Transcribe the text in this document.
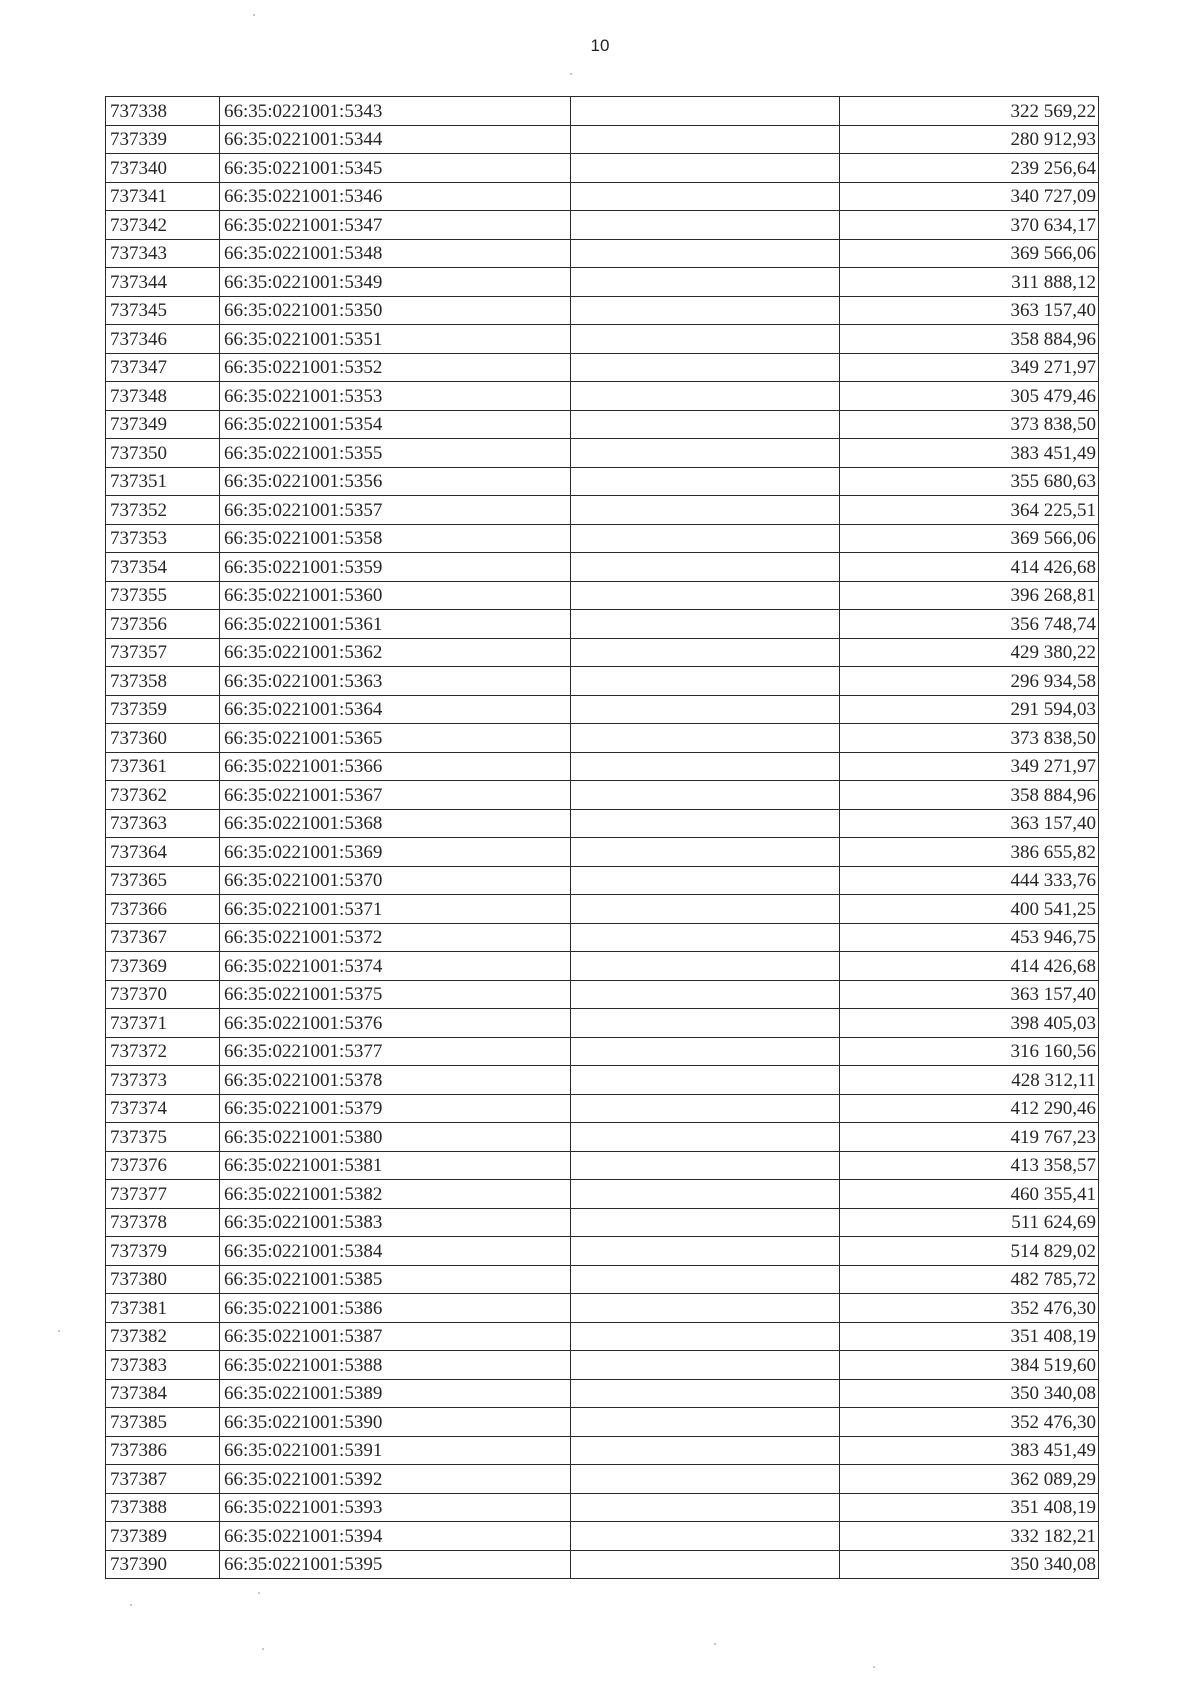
10
737338	66:35:0221001:5343		322 569,22
737339	66:35:0221001:5344		280 912,93
737340	66:35:0221001:5345		239 256,64
737341	66:35:0221001:5346		340 727,09
737342	66:35:0221001:5347		370 634,17
737343	66:35:0221001:5348		369 566,06
737344	66:35:0221001:5349		311 888,12
737345	66:35:0221001:5350		363 157,40
737346	66:35:0221001:5351		358 884,96
737347	66:35:0221001:5352		349 271,97
737348	66:35:0221001:5353		305 479,46
737349	66:35:0221001:5354		373 838,50
737350	66:35:0221001:5355		383 451,49
737351	66:35:0221001:5356		355 680,63
737352	66:35:0221001:5357		364 225,51
737353	66:35:0221001:5358		369 566,06
737354	66:35:0221001:5359		414 426,68
737355	66:35:0221001:5360		396 268,81
737356	66:35:0221001:5361		356 748,74
737357	66:35:0221001:5362		429 380,22
737358	66:35:0221001:5363		296 934,58
737359	66:35:0221001:5364		291 594,03
737360	66:35:0221001:5365		373 838,50
737361	66:35:0221001:5366		349 271,97
737362	66:35:0221001:5367		358 884,96
737363	66:35:0221001:5368		363 157,40
737364	66:35:0221001:5369		386 655,82
737365	66:35:0221001:5370		444 333,76
737366	66:35:0221001:5371		400 541,25
737367	66:35:0221001:5372		453 946,75
737369	66:35:0221001:5374		414 426,68
737370	66:35:0221001:5375		363 157,40
737371	66:35:0221001:5376		398 405,03
737372	66:35:0221001:5377		316 160,56
737373	66:35:0221001:5378		428 312,11
737374	66:35:0221001:5379		412 290,46
737375	66:35:0221001:5380		419 767,23
737376	66:35:0221001:5381		413 358,57
737377	66:35:0221001:5382		460 355,41
737378	66:35:0221001:5383		511 624,69
737379	66:35:0221001:5384		514 829,02
737380	66:35:0221001:5385		482 785,72
737381	66:35:0221001:5386		352 476,30
737382	66:35:0221001:5387		351 408,19
737383	66:35:0221001:5388		384 519,60
737384	66:35:0221001:5389		350 340,08
737385	66:35:0221001:5390		352 476,30
737386	66:35:0221001:5391		383 451,49
737387	66:35:0221001:5392		362 089,29
737388	66:35:0221001:5393		351 408,19
737389	66:35:0221001:5394		332 182,21
737390	66:35:0221001:5395		350 340,08
